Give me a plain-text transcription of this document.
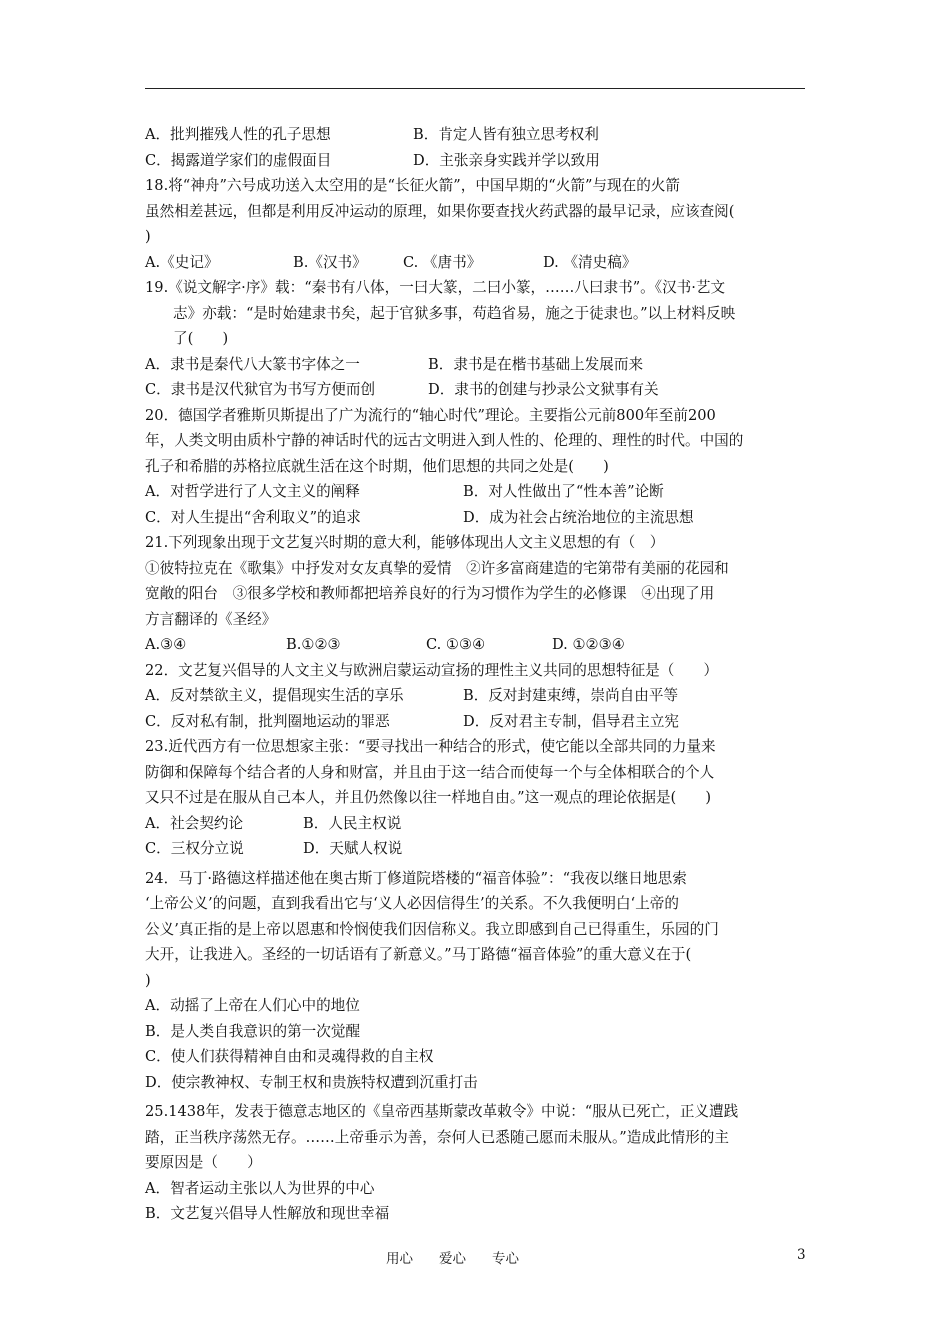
A．批判摧残人性的孔子思想	B．肯定人皆有独立思考权利
C．揭露道学家们的虚假面目	D．主张亲身实践并学以致用
18.将“神舟”六号成功送入太空用的是“长征火箭”，中国早期的“火箭”与现在的火箭
虽然相差甚远，但都是利用反冲运动的原理，如果你要查找火药武器的最早记录，应该查阅(
)
A.《史记》	B.《汉书》 C. 《唐书》	D. 《清史稿》
19.《说文解字·序》载：“秦书有八体，一曰大篆，二曰小篆，……八曰隶书”。《汉书·艺文
志》亦载：“是时始建隶书矣，起于官狱多事，苟趋省易，施之于徒隶也。”以上材料反映
了(　　)
A．隶书是秦代八大篆书字体之一	B．隶书是在楷书基础上发展而来
C．隶书是汉代狱官为书写方便而创	D．隶书的创建与抄录公文狱事有关
20．德国学者雅斯贝斯提出了广为流行的“轴心时代”理论。主要指公元前800年至前200
年，人类文明由质朴宁静的神话时代的远古文明进入到人性的、伦理的、理性的时代。中国的
孔子和希腊的苏格拉底就生活在这个时期，他们思想的共同之处是(　　)
A．对哲学进行了人文主义的阐释	B．对人性做出了“性本善”论断
C．对人生提出“舍利取义”的追求	D．成为社会占统治地位的主流思想
21.下列现象出现于文艺复兴时期的意大利，能够体现出人文主义思想的有（　）
①彼特拉克在《歌集》中抒发对女友真挚的爱情　②许多富商建造的宅第带有美丽的花园和
宽敞的阳台　③很多学校和教师都把培养良好的行为习惯作为学生的必修课　④出现了用
方言翻译的《圣经》
A.③④	B.①②③	C. ①③④	D. ①②③④
22．文艺复兴倡导的人文主义与欧洲启蒙运动宣扬的理性主义共同的思想特征是（　　）
A．反对禁欲主义，提倡现实生活的享乐	B．反对封建束缚，崇尚自由平等
C．反对私有制，批判圈地运动的罪恶	D．反对君主专制，倡导君主立宪
23.近代西方有一位思想家主张：“要寻找出一种结合的形式，使它能以全部共同的力量来
防御和保障每个结合者的人身和财富，并且由于这一结合而使每一个与全体相联合的个人
又只不过是在服从自己本人，并且仍然像以往一样地自由。”这一观点的理论依据是(　　)
A．社会契约论	B．人民主权说
C．三权分立说	D．天赋人权说
24．马丁·路德这样描述他在奥古斯丁修道院塔楼的“福音体验”：“我夜以继日地思索
‘上帝公义’的问题，直到我看出它与‘义人必因信得生’的关系。不久我便明白‘上帝的
公义’真正指的是上帝以恩惠和怜悯使我们因信称义。我立即感到自己已得重生，乐园的门
大开，让我进入。圣经的一切话语有了新意义。”马丁路德“福音体验”的重大意义在于(
)
A．动摇了上帝在人们心中的地位
B．是人类自我意识的第一次觉醒
C．使人们获得精神自由和灵魂得救的自主权
D．使宗教神权、专制王权和贵族特权遭到沉重打击
25.1438年，发表于德意志地区的《皇帝西基斯蒙改革敕令》中说：“服从已死亡，正义遭践
踏，正当秩序荡然无存。……上帝垂示为善，奈何人已悉随己愿而未服从。”造成此情形的主
要原因是（　　）
A．智者运动主张以人为世界的中心
B．文艺复兴倡导人性解放和现世幸福
用心 爱心 专心	3
